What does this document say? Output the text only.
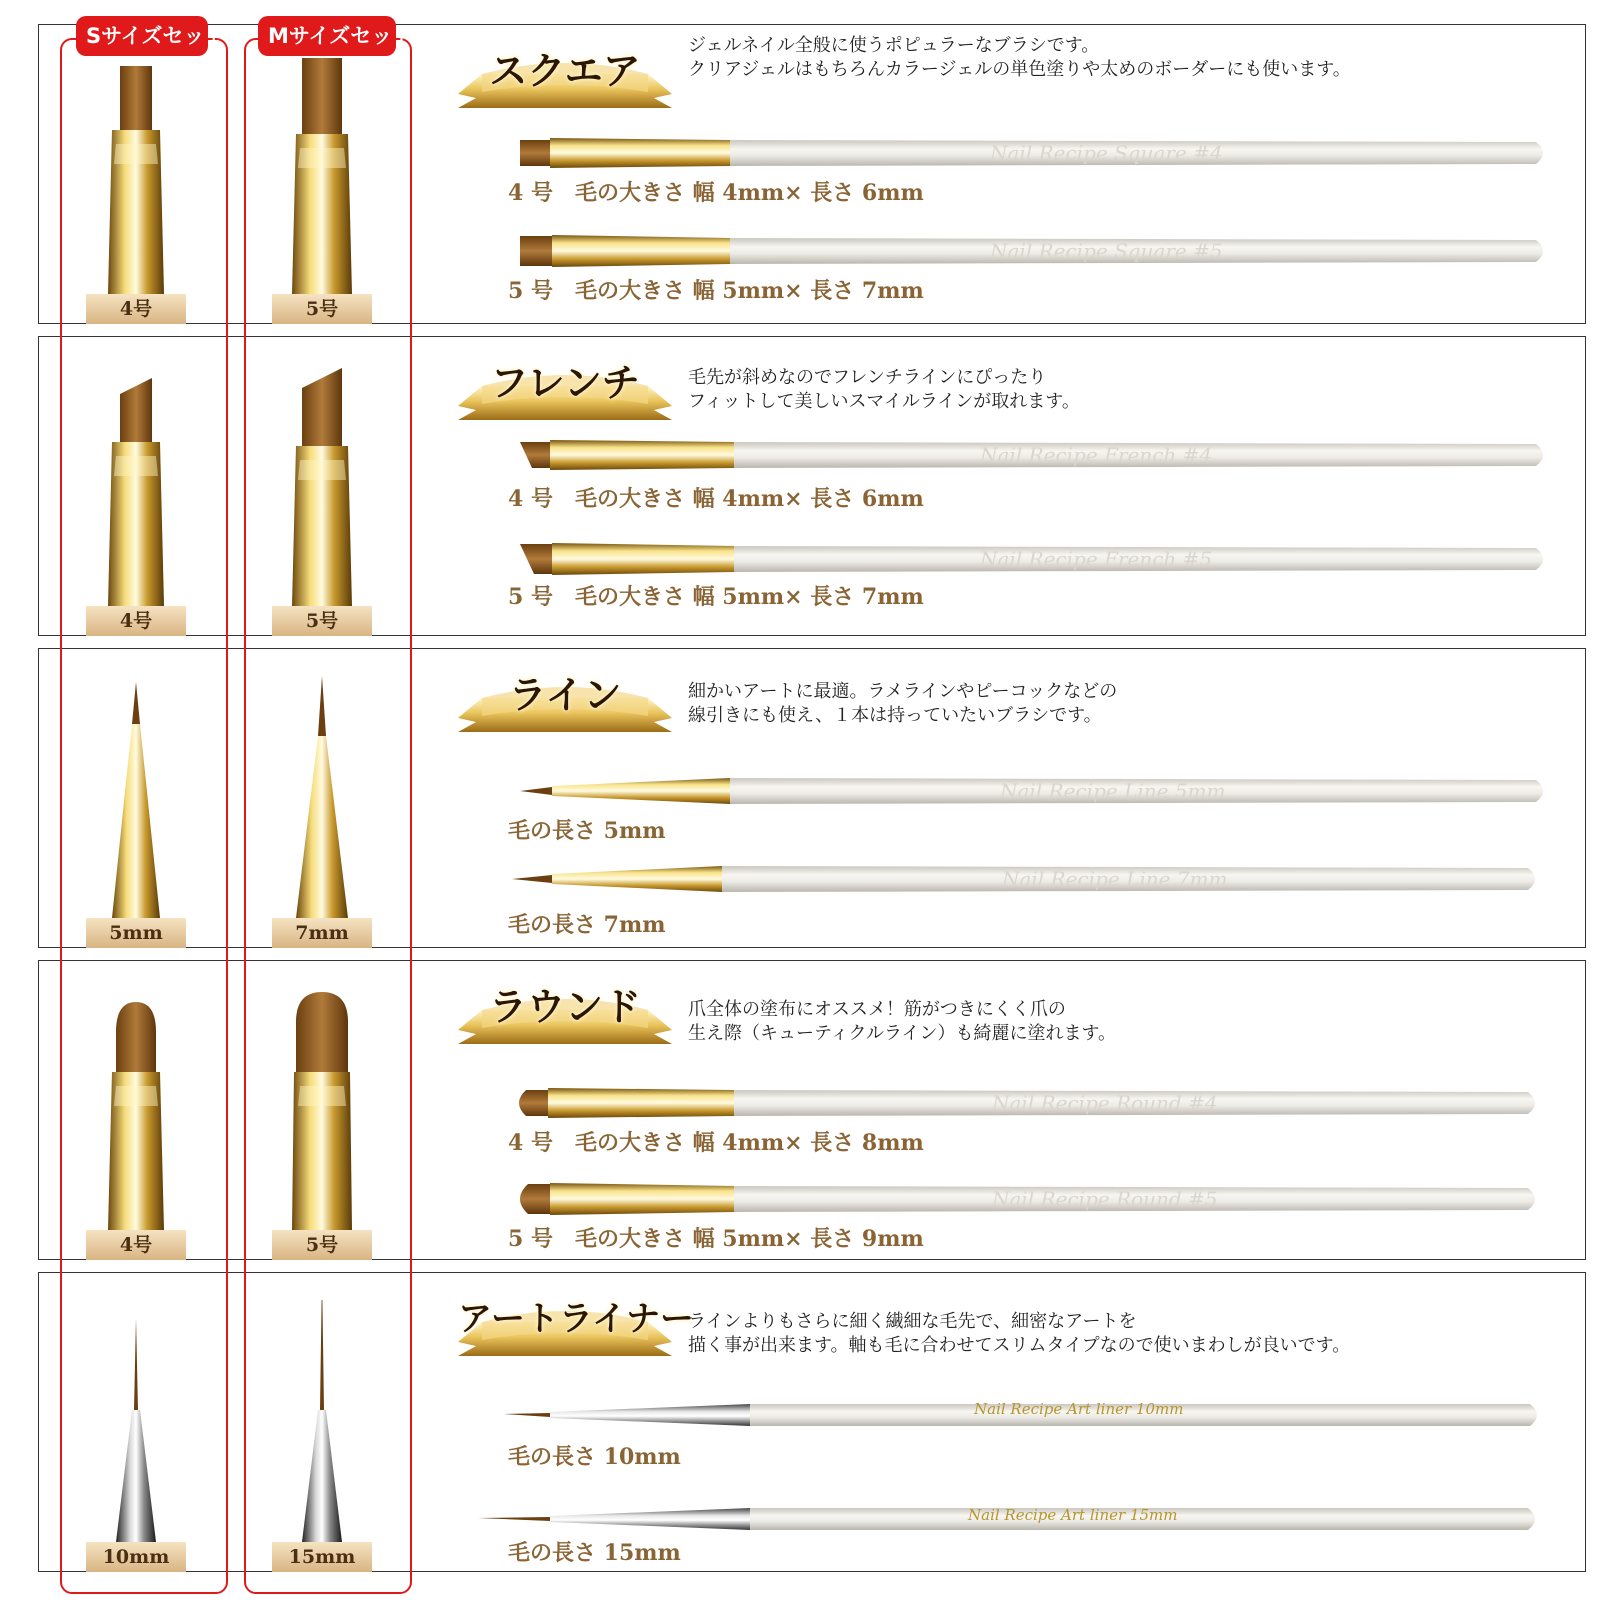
Sサイズセット	Mサイズセット
4号	5号
4号	5号
5mm	7mm
4号	5号
10mm	15mm
スクエア
フレンチ
ライン
ラウンド
アートライナー
ジェルネイル全般に使うポピュラーなブラシです。
クリアジェルはもちろんカラージェルの単色塗りや太めのボーダーにも使います。
毛先が斜めなのでフレンチラインにぴったり
フィットして美しいスマイルラインが取れます。
細かいアートに最適。ラメラインやピーコックなどの
線引きにも使え、１本は持っていたいブラシです。
爪全体の塗布にオススメ！筋がつきにくく爪の
生え際（キューティクルライン）も綺麗に塗れます。
ラインよりもさらに細く繊細な毛先で、細密なアートを
描く事が出来ます。軸も毛に合わせてスリムタイプなので使いまわしが良いです。
Nail Recipe Square #4
4 号　毛の大きさ 幅 4mm× 長さ 6mm
Nail Recipe Square #5
5 号　毛の大きさ 幅 5mm× 長さ 7mm
Nail Recipe French #4
4 号　毛の大きさ 幅 4mm× 長さ 6mm
Nail Recipe French #5
5 号　毛の大きさ 幅 5mm× 長さ 7mm
Nail Recipe Line 5mm
毛の長さ 5mm
Nail Recipe Line 7mm
毛の長さ 7mm
Nail Recipe Round #4
4 号　毛の大きさ 幅 4mm× 長さ 8mm
Nail Recipe Round #5
5 号　毛の大きさ 幅 5mm× 長さ 9mm
Nail Recipe Art liner 10mm
毛の長さ 10mm
Nail Recipe Art liner 15mm
毛の長さ 15mm
